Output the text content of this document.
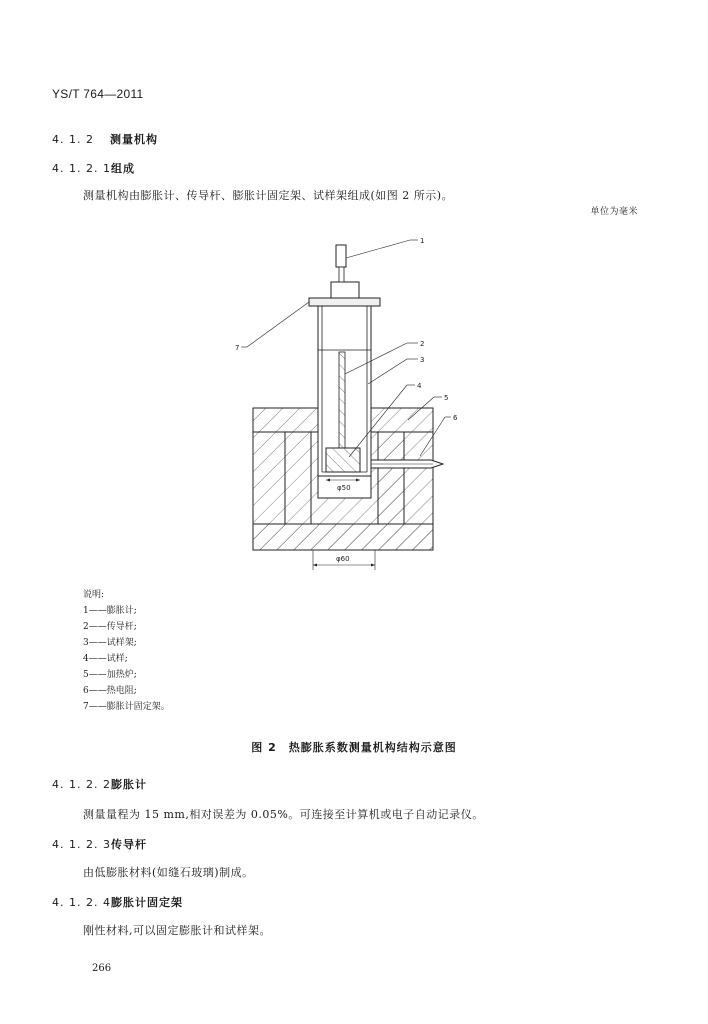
YS/T 764—2011
4. 1. 2 测量机构
4. 1. 2. 1组成
测量机构由膨胀计、传导杆、膨胀计固定架、试样架组成(如图 2 所示)。
单位为毫米
φ50
φ60
1
2
3
4
5
6
7
说明:
1——膨胀计;
2——传导杆;
3——试样架;
4——试样;
5——加热炉;
6——热电阻;
7——膨胀计固定架。
图 2　热膨胀系数测量机构结构示意图
4. 1. 2. 2膨胀计
测量量程为 15 mm,相对误差为 0.05%。可连接至计算机或电子自动记录仪。
4. 1. 2. 3传导杆
由低膨胀材料(如缝石玻璃)制成。
4. 1. 2. 4膨胀计固定架
刚性材料,可以固定膨胀计和试样架。
266
